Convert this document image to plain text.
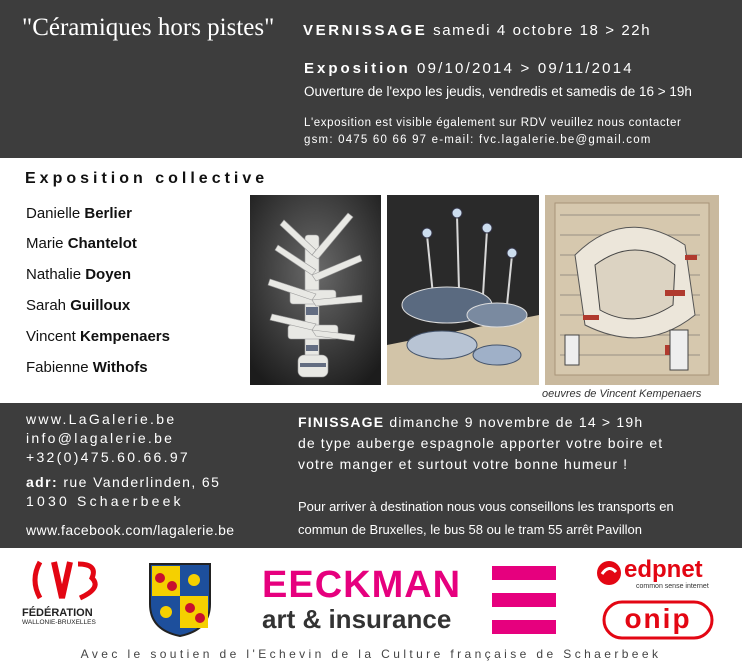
"Céramiques hors pistes" VERNISSAGE samedi 4 octobre 18 > 22h
Exposition 09/10/2014 > 09/11/2014
Ouverture de l'expo les jeudis, vendredis et samedis de 16 > 19h
L'exposition est visible également sur RDV veuillez nous contacter
gsm: 0475 60 66 97 e-mail: fvc.lagalerie.be@gmail.com
Exposition collective
Danielle Berlier
Marie Chantelot
Nathalie Doyen
Sarah Guilloux
Vincent Kempenaers
Fabienne Withofs
oeuvres de Vincent Kempenaers
www.LaGalerie.be
info@lagalerie.be
+32(0)475.60.66.97
adr: rue Vanderlinden, 65
1030 Schaerbeek
www.facebook.com/lagalerie.be
FINISSAGE dimanche 9 novembre de 14 > 19h
de type auberge espagnole apporter votre boire et
votre manger et surtout votre bonne humeur !
Pour arriver à destination nous vous conseillons les transports en
commun de Bruxelles, le bus 58 ou le tram 55 arrêt Pavillon
FÉDÉRATION
WALLONIE-BRUXELLES
EECKMAN
art & insurance
edpnet
common sense internet
onip
Avec le soutien de l'Echevin de la Culture française de Schaerbeek
